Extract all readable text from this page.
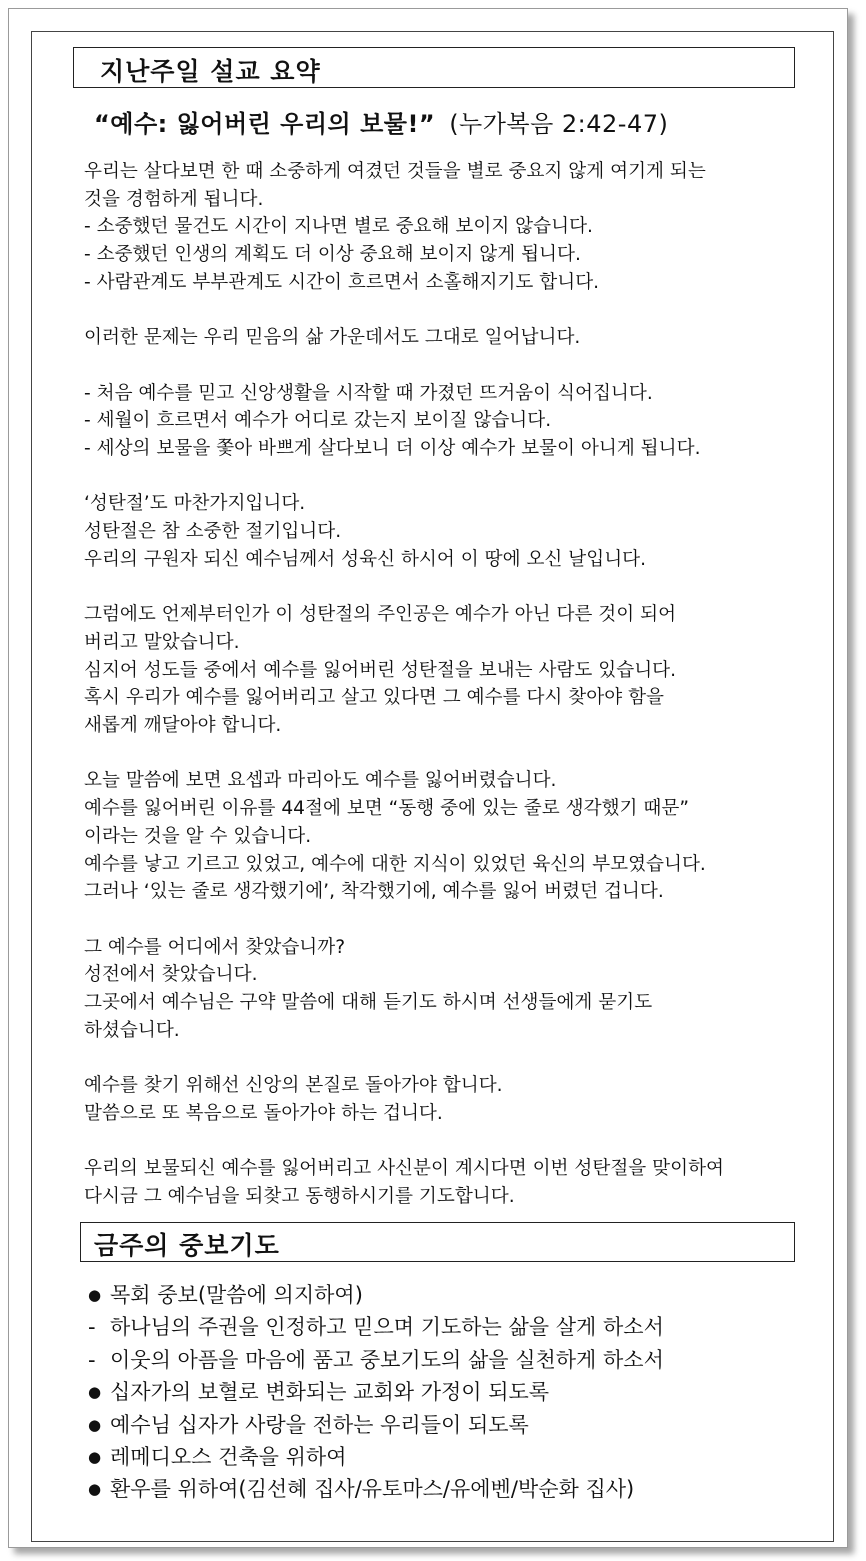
지난주일 설교 요약
“예수: 잃어버린 우리의 보물!” (누가복음 2:42-47)

우리는 살다보면 한 때 소중하게 여겼던 것들을 별로 중요지 않게 여기게 되는

것을 경험하게 됩니다.

- 소중했던 물건도 시간이 지나면 별로 중요해 보이지 않습니다.

- 소중했던 인생의 계획도 더 이상 중요해 보이지 않게 됩니다.

- 사람관계도 부부관계도 시간이 흐르면서 소홀해지기도 합니다.

이러한 문제는 우리 믿음의 삶 가운데서도 그대로 일어납니다.

- 처음 예수를 믿고 신앙생활을 시작할 때 가졌던 뜨거움이 식어집니다.

- 세월이 흐르면서 예수가 어디로 갔는지 보이질 않습니다.

- 세상의 보물을 쫓아 바쁘게 살다보니 더 이상 예수가 보물이 아니게 됩니다.

‘성탄절’도 마찬가지입니다.

성탄절은 참 소중한 절기입니다.

우리의 구원자 되신 예수님께서 성육신 하시어 이 땅에 오신 날입니다.

그럼에도 언제부터인가 이 성탄절의 주인공은 예수가 아닌 다른 것이 되어

버리고 말았습니다.

심지어 성도들 중에서 예수를 잃어버린 성탄절을 보내는 사람도 있습니다.

혹시 우리가 예수를 잃어버리고 살고 있다면 그 예수를 다시 찾아야 함을

새롭게 깨달아야 합니다.

오늘 말씀에 보면 요셉과 마리아도 예수를 잃어버렸습니다.

예수를 잃어버린 이유를 44절에 보면 “동행 중에 있는 줄로 생각했기 때문”

이라는 것을 알 수 있습니다.

예수를 낳고 기르고 있었고, 예수에 대한 지식이 있었던 육신의 부모였습니다.

그러나 ‘있는 줄로 생각했기에’, 착각했기에, 예수를 잃어 버렸던 겁니다.

그 예수를 어디에서 찾았습니까?

성전에서 찾았습니다.

그곳에서 예수님은 구약 말씀에 대해 듣기도 하시며 선생들에게 묻기도

하셨습니다.

예수를 찾기 위해선 신앙의 본질로 돌아가야 합니다.

말씀으로 또 복음으로 돌아가야 하는 겁니다.

우리의 보물되신 예수를 잃어버리고 사신분이 계시다면 이번 성탄절을 맞이하여

다시금 그 예수님을 되찾고 동행하시기를 기도합니다.

금주의 중보기도
● 목회 중보(말씀에 의지하여)
- 하나님의 주권을 인정하고 믿으며 기도하는 삶을 살게 하소서
- 이웃의 아픔을 마음에 품고 중보기도의 삶을 실천하게 하소서
● 십자가의 보혈로 변화되는 교회와 가정이 되도록
● 예수님 십자가 사랑을 전하는 우리들이 되도록
● 레메디오스 건축을 위하여
● 환우를 위하여(김선혜 집사/유토마스/유에벤/박순화 집사)
